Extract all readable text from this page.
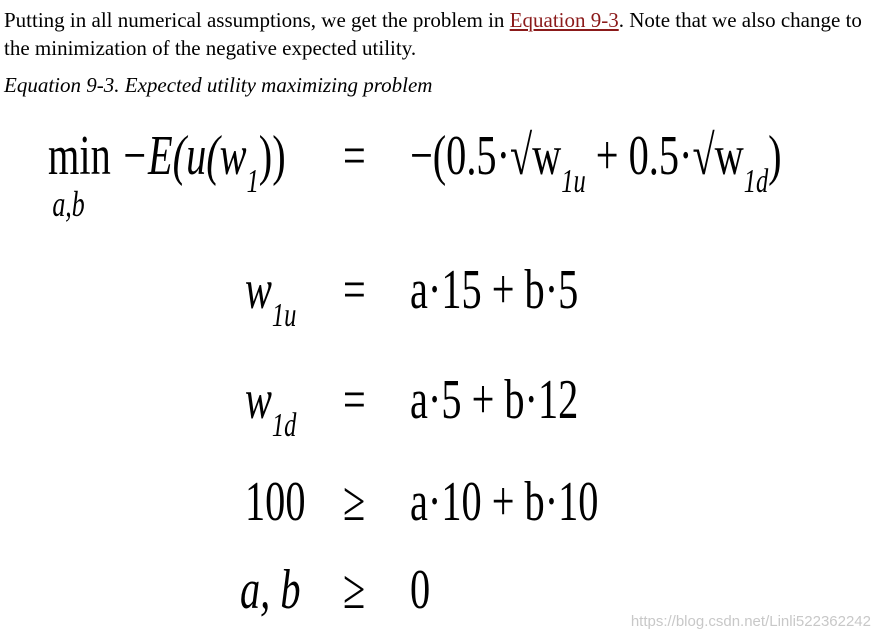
Putting in all numerical assumptions, we get the problem in Equation 9-3. Note that we also change to the minimization of the negative expected utility.
Equation 9-3. Expected utility maximizing problem
min
a,b
$-E(u(w_1)) = -(0.5\cdot√w_{1u} + 0.5\cdot√w_{1d})$
$w_{1u} = a\cdot 15 + b\cdot 5$
$w_{1d} = a\cdot 5 + b\cdot 12$
100 ≥ a·10 + b·10
a, b ≥ 0
https://blog.csdn.net/Linli522362242
